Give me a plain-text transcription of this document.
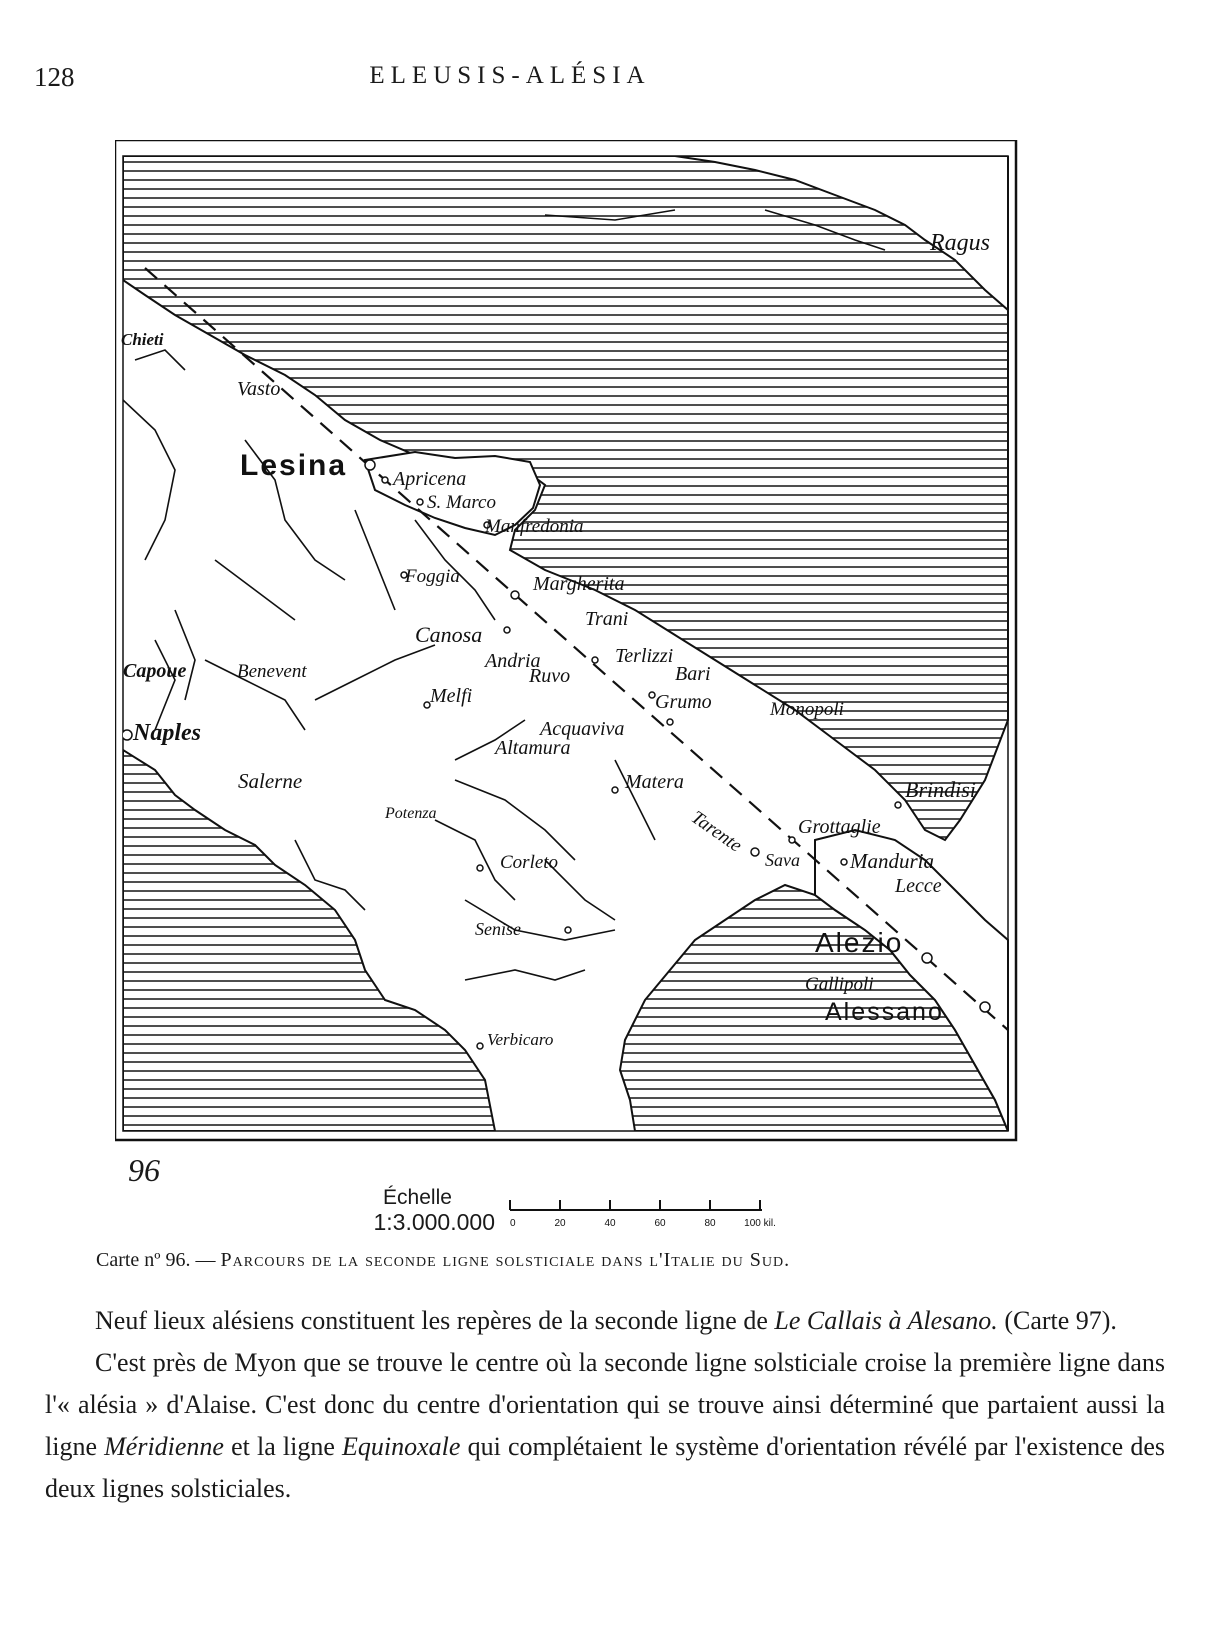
128	ELEUSIS-ALÉSIA
Ragus
Chieti
Vasto
Lesina Apricena
S. Marco
Manfredonia
Foggia	Margherita
Trani
Canosa
Andria	Terlizzi
Ruvo	Bari
Capoue	Benevent
Melfi	Grumo	Monopoli
Naples	Acquaviva
Altamura
Salerne	Matera	Brindisi
Potenza	Tarente	Grottaglie
Corleto	Sava Manduria
Lecce
Senise	Alezio
Gallipoli
Alessano
Verbicaro
96
Échelle
1:3.000.000 0	20	40	60	80	100 kil.
Carte nº 96. — Parcours de la seconde ligne solsticiale dans l'Italie du Sud.

Neuf lieux alésiens constituent les repères de la seconde ligne de Le Callais à Alesano. (Carte 97).

C'est près de Myon que se trouve le centre où la seconde ligne solsticiale croise la première ligne dans l'« alésia » d'Alaise. C'est donc du centre d'orientation qui se trouve ainsi déterminé que partaient aussi la ligne Méridienne et la ligne Equinoxale qui complétaient le système d'orientation révélé par l'existence des deux lignes solsticiales.
